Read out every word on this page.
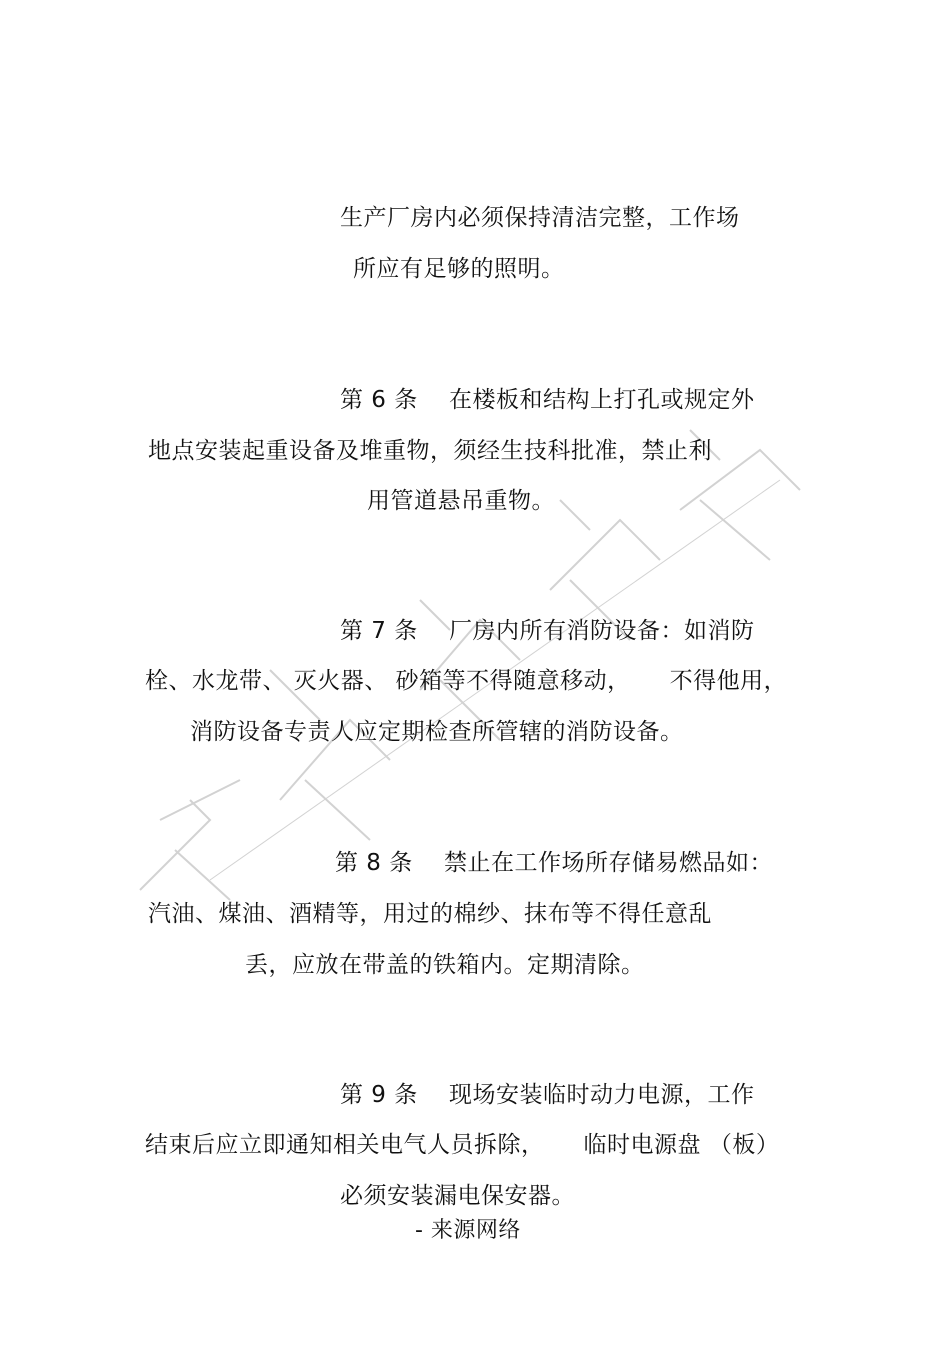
生产厂房内必须保持清洁完整，工作场
所应有足够的照明。
第 6 条    在楼板和结构上打孔或规定外
地点安装起重设备及堆重物，须经生技科批准，禁止利
用管道悬吊重物。
第 7 条    厂房内所有消防设备：如消防
栓、水龙带、 灭火器、 砂箱等不得随意移动，     不得他用，
消防设备专责人应定期检查所管辖的消防设备。
第 8 条    禁止在工作场所存储易燃品如：
汽油、煤油、酒精等，用过的棉纱、抹布等不得任意乱
丢，应放在带盖的铁箱内。定期清除。
第 9 条    现场安装临时动力电源，工作
结束后应立即通知相关电气人员拆除，     临时电源盘 （板）
必须安装漏电保安器。
- 来源网络
